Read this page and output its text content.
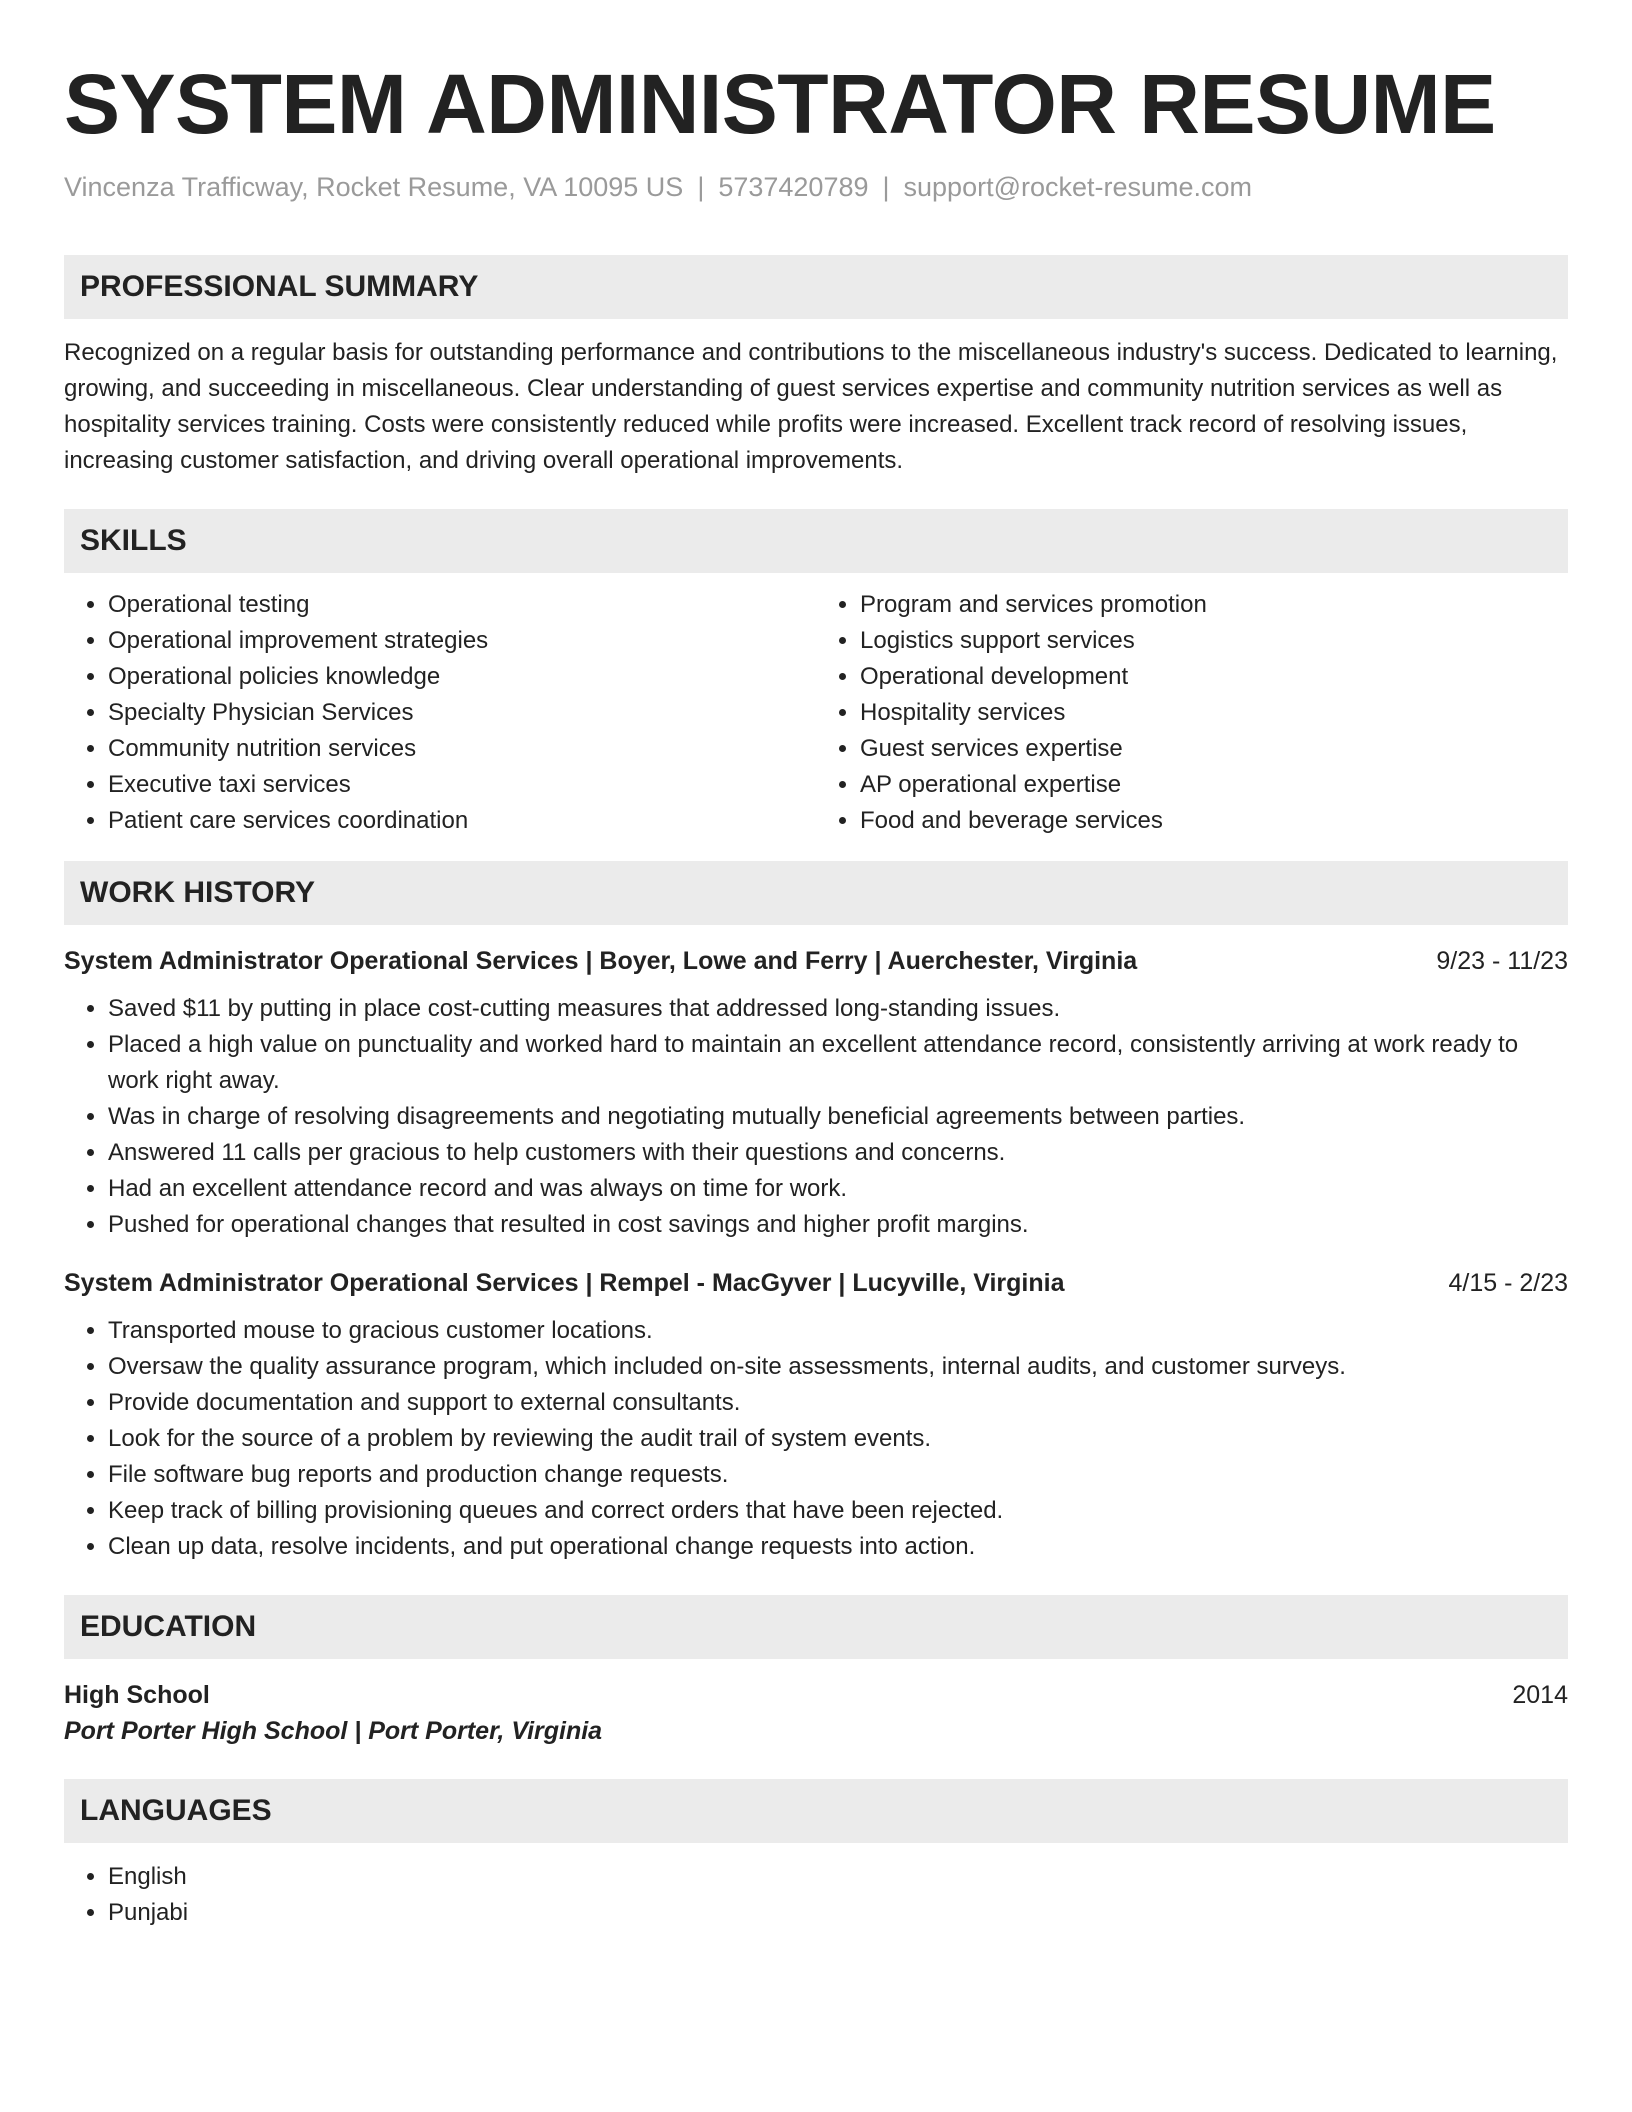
SYSTEM ADMINISTRATOR RESUME
Vincenza Trafficway, Rocket Resume, VA 10095 US | 5737420789 | support@rocket-resume.com
PROFESSIONAL SUMMARY
Recognized on a regular basis for outstanding performance and contributions to the miscellaneous industry's success. Dedicated to learning, growing, and succeeding in miscellaneous. Clear understanding of guest services expertise and community nutrition services as well as hospitality services training. Costs were consistently reduced while profits were increased. Excellent track record of resolving issues, increasing customer satisfaction, and driving overall operational improvements.
SKILLS
• Operational testing
• Operational improvement strategies
• Operational policies knowledge
• Specialty Physician Services
• Community nutrition services
• Executive taxi services
• Patient care services coordination
• Program and services promotion
• Logistics support services
• Operational development
• Hospitality services
• Guest services expertise
• AP operational expertise
• Food and beverage services
WORK HISTORY
System Administrator Operational Services | Boyer, Lowe and Ferry | Auerchester, Virginia	9/23 - 11/23
• Saved $11 by putting in place cost-cutting measures that addressed long-standing issues.
• Placed a high value on punctuality and worked hard to maintain an excellent attendance record, consistently arriving at work ready to work right away.
• Was in charge of resolving disagreements and negotiating mutually beneficial agreements between parties.
• Answered 11 calls per gracious to help customers with their questions and concerns.
• Had an excellent attendance record and was always on time for work.
• Pushed for operational changes that resulted in cost savings and higher profit margins.
System Administrator Operational Services | Rempel - MacGyver | Lucyville, Virginia	4/15 - 2/23
• Transported mouse to gracious customer locations.
• Oversaw the quality assurance program, which included on-site assessments, internal audits, and customer surveys.
• Provide documentation and support to external consultants.
• Look for the source of a problem by reviewing the audit trail of system events.
• File software bug reports and production change requests.
• Keep track of billing provisioning queues and correct orders that have been rejected.
• Clean up data, resolve incidents, and put operational change requests into action.
EDUCATION
High School	2014
Port Porter High School | Port Porter, Virginia
LANGUAGES
• English
• Punjabi
